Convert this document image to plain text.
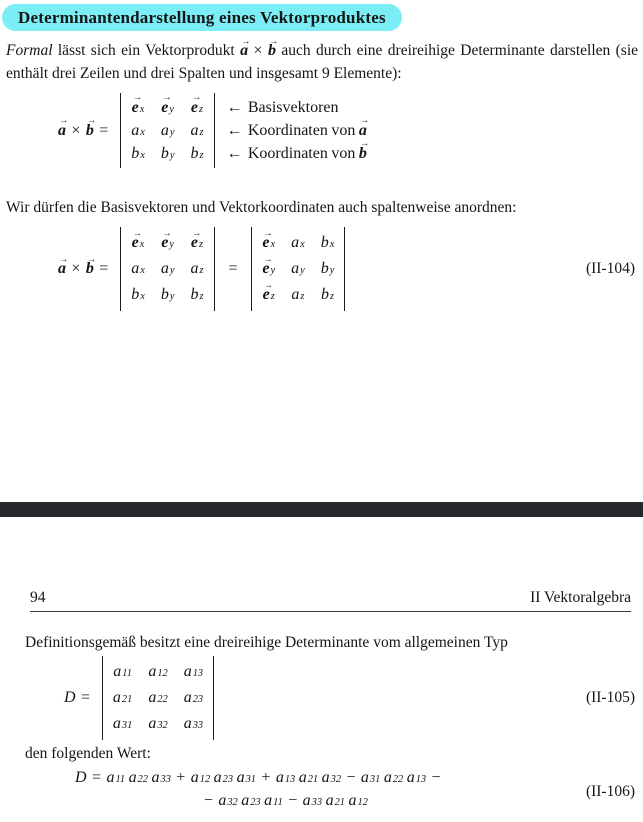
Determinantendarstellung eines Vektorproduktes

Formal lässt sich ein Vektorprodukt → a × → b auch durch eine dreireihige Determinante darstellen (sie enthält drei Zeilen und drei Spalten und insgesamt 9 Elemente):

→ a × → b =
→ e x → e y → e z
a x a y a z
b x b y b z
← Basisvektoren
← Koordinaten von → a
← Koordinaten von → b

Wir dürfen die Basisvektoren und Vektorkoordinaten auch spaltenweise anordnen:

→ a × → b =
→ e x → e y → e z
a x a y a z
b x b y b z
=
→ e x a x b x
→ e y a y b y
→ e z a z b z
(II-104)
94	II Vektoralgebra

Definitionsgemäß besitzt eine dreireihige Determinante vom allgemeinen Typ

D =
a 11 a 12 a 13
a 21 a 22 a 23
a 31 a 32 a 33
(II-105)

den folgenden Wert:

D = a 11 a 22 a 33 + a 12 a 23 a 31 + a 13 a 21 a 32 − a 31 a 22 a 13 −
− a 32 a 23 a 11 − a 33 a 21 a 12
(II-106)
